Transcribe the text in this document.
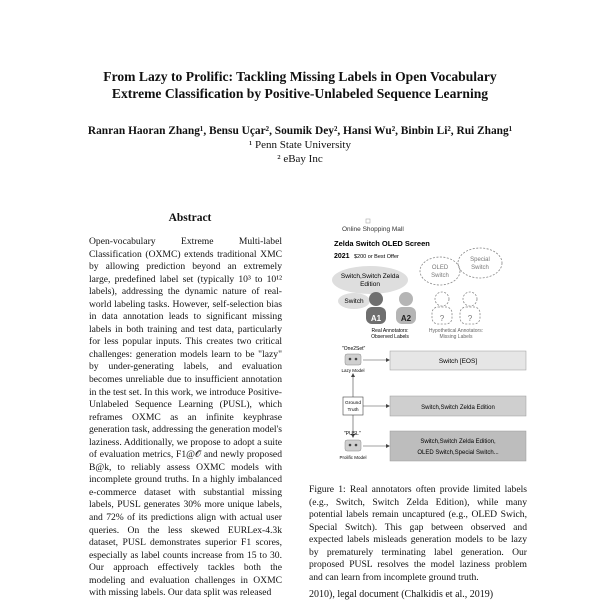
From Lazy to Prolific: Tackling Missing Labels in Open Vocabulary
Extreme Classification by Positive-Unlabeled Sequence Learning
Ranran Haoran Zhang¹, Bensu Uçar², Soumik Dey², Hansi Wu², Binbin Li², Rui Zhang¹
¹ Penn State University
² eBay Inc
Abstract
Open-vocabulary Extreme Multi-label Classification (OXMC) extends traditional XMC by allowing prediction beyond an extremely large, predefined label set (typically 10³ to 10¹² labels), addressing the dynamic nature of real-world labeling tasks. However, self-selection bias in data annotation leads to significant missing labels in both training and test data, particularly for less popular inputs. This creates two critical challenges: generation models learn to be "lazy" by under-generating labels, and evaluation becomes unreliable due to insufficient annotation in the test set. In this work, we introduce Positive-Unlabeled Sequence Learning (PUSL), which reframes OXMC as an infinite keyphrase generation task, addressing the generation model's laziness. Additionally, we propose to adopt a suite of evaluation metrics, F1@𝒪 and newly proposed B@k, to reliably assess OXMC models with incomplete ground truths. In a highly imbalanced e-commerce dataset with substantial missing labels, PUSL generates 30% more unique labels, and 72% of its predictions align with actual user queries. On the less skewed EURLex-4.3k dataset, PUSL demonstrates superior F1 scores, especially as label counts increase from 15 to 30. Our approach effectively tackles both the modeling and evaluation challenges in OXMC with missing labels. Our data split was released
Online Shopping Mall
Zelda Switch OLED Screen
2021 $200 or Best Offer
Switch,Switch Zelda
Edition
Switch
OLED
Switch
Special
Switch
A1 A2	?	?
Real Annotators:
Observed Labels
Hypothetical Annotators:
Missing Labels
"One2Set"
Lazy Model
Switch [EOS]
Ground
Truth	Switch,Switch Zelda Edition
"PUSL"
Prolific Model
Switch,Switch Zelda Edition,
OLED Switch,Special Switch...
Figure 1: Real annotators often provide limited labels (e.g., Switch, Switch Zelda Edition), while many potential labels remain uncaptured (e.g., OLED Swich, Special Switch). This gap between observed and expected labels misleads generation models to be lazy by prematurely terminating label generation. Our proposed PUSL resolves the model laziness problem and can learn from incomplete ground truth.
2010), legal document (Chalkidis et al., 2019)
